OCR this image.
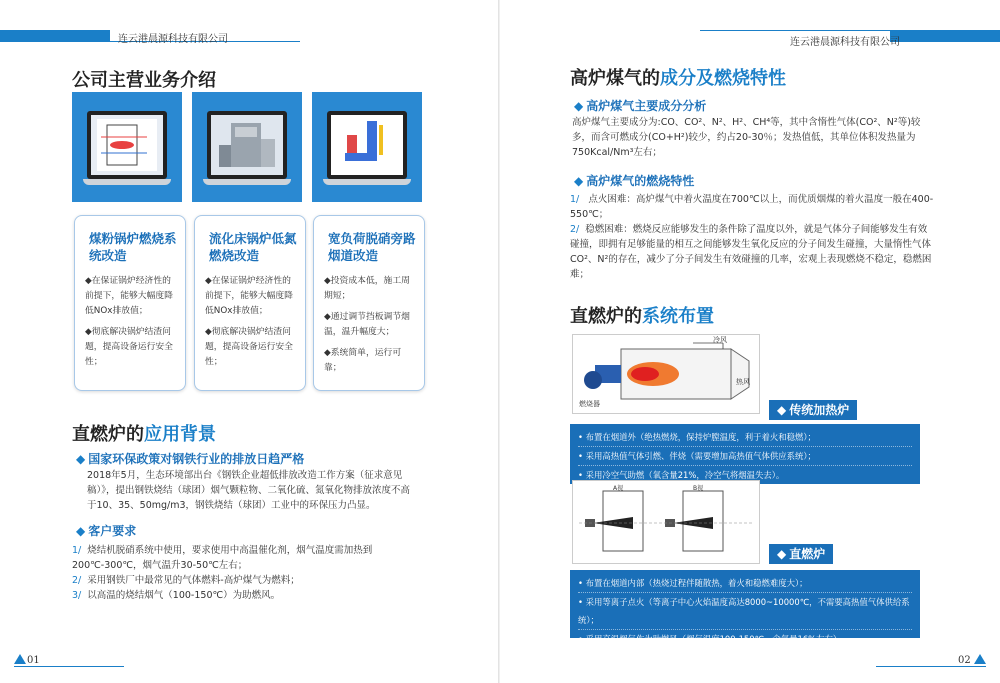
连云港晨源科技有限公司
公司主营业务介绍
煤粉锅炉燃烧系统改造

◆在保证锅炉经济性的前提下，能够大幅度降低NOx排放值；

◆彻底解决锅炉结渣问题，提高设备运行安全性；

流化床锅炉低氮燃烧改造

◆在保证锅炉经济性的前提下，能够大幅度降低NOx排放值；

◆彻底解决锅炉结渣问题，提高设备运行安全性；

宽负荷脱硝旁路烟道改造

◆投资成本低，施工周期短；

◆通过调节挡板调节烟温，温升幅度大；

◆系统简单，运行可靠；

直燃炉的应用背景
◆ 国家环保政策对钢铁行业的排放日趋严格
2018年5月，生态环境部出台《钢铁企业超低排放改造工作方案（征求意见稿）》，提出钢铁烧结（球团）烟气颗粒物、二氧化硫、氮氧化物排放浓度不高于10、35、50mg/m3，钢铁烧结（球团）工业中的环保压力凸显。
◆ 客户要求
1/ 烧结机脱硝系统中使用，要求使用中高温催化剂，烟气温度需加热到200℃-300℃，烟气温升30-50℃左右；
2/ 采用钢铁厂中最常见的气体燃料-高炉煤气为燃料；
3/ 以高温的烧结烟气（100-150℃）为助燃风。
01
连云港晨源科技有限公司
高炉煤气的成分及燃烧特性
◆ 高炉煤气主要成分分析
高炉煤气主要成分为:CO、CO²、N²、H²、CH⁴等，其中含惰性气体(CO²、N²等)较多，而含可燃成分(CO+H²)较少，约占20-30％；发热值低，其单位体积发热量为750Kcal/Nm³左右；
◆ 高炉煤气的燃烧特性
1/ 点火困难：高炉煤气中着火温度在700℃以上，而优质烟煤的着火温度一般在400-550℃；
2/ 稳燃困难：燃烧反应能够发生的条件除了温度以外，就是气体分子间能够发生有效碰撞，即拥有足够能量的相互之间能够发生氧化反应的分子间发生碰撞，大量惰性气体CO²、N²的存在，减少了分子间发生有效碰撞的几率，宏观上表现燃烧不稳定，稳燃困难；
直燃炉的系统布置
冷风
热风
燃烧器	◆ 传统加热炉

• 布置在烟道外（绝热燃烧，保持炉膛温度，利于着火和稳燃）；

• 采用高热值气体引燃、伴烧（需要增加高热值气体供应系统）；

• 采用冷空气助燃（氧含量21%，冷空气将烟温失去）。

A视	B视
◆ 直燃炉

• 布置在烟道内部（热烧过程伴随散热，着火和稳燃难度大）；

• 采用等离子点火（等离子中心火焰温度高达8000~10000℃，不需要高热值气体供给系统）；

• 采用高温烟气作为助燃风（烟气温度100-150℃，含氧量16%左右）。

02
